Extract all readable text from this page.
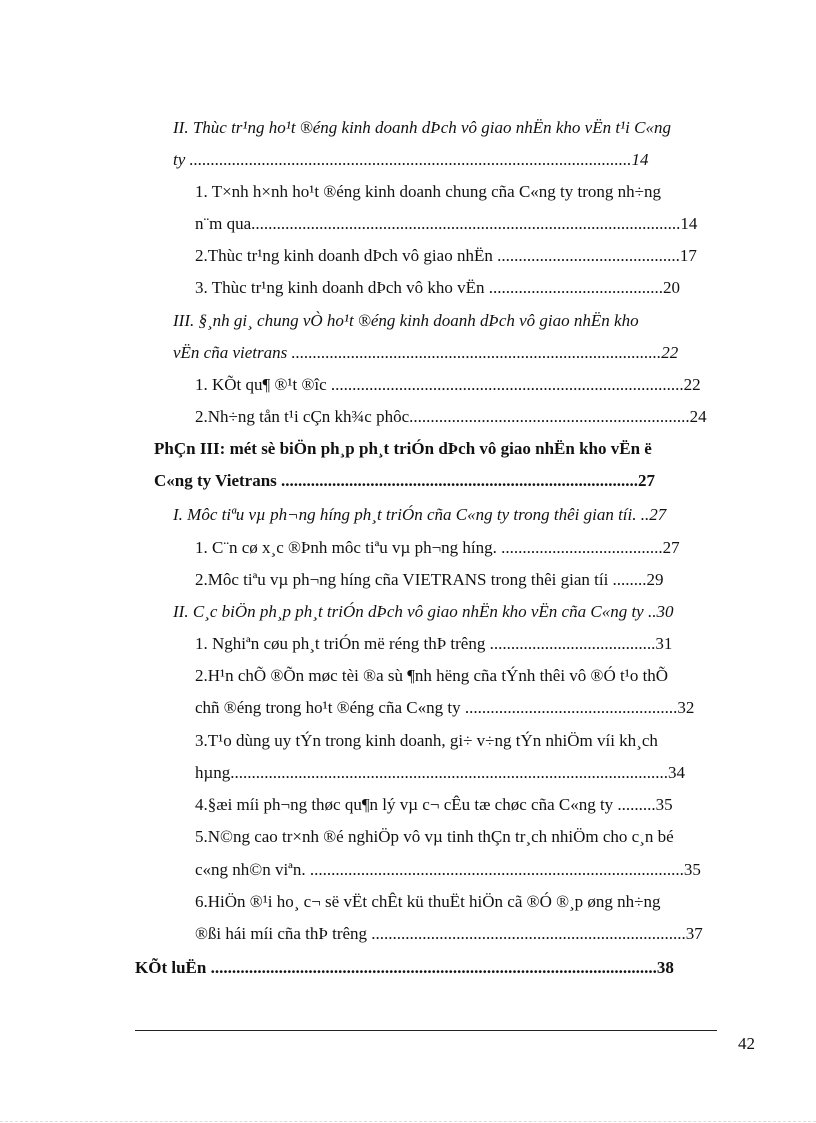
II. Thùc tr¹ng ho¹t ®éng kinh doanh dÞch vô giao nhËn kho vËn t¹i C«ng
ty ........................................................................................................14
1. T×nh h×nh ho¹t ®éng kinh doanh chung cña C«ng ty trong nh÷ng
n¨m qua.....................................................................................................14
2.Thùc tr¹ng kinh doanh dÞch vô giao nhËn ...........................................17
3. Thùc tr¹ng kinh doanh dÞch vô kho vËn .........................................20
III. §¸nh gi¸ chung vÒ ho¹t ®éng kinh doanh dÞch vô giao nhËn kho
vËn cña vietrans .......................................................................................22
1. KÕt qu¶ ®¹t ®îc ...................................................................................22
2.Nh÷ng tån t¹i cÇn kh¾c phôc..................................................................24
PhÇn III: mét sè biÖn ph¸p ph¸t triÓn dÞch vô giao nhËn kho vËn ë
C«ng ty Vietrans ....................................................................................27
I. Môc tiªu vµ ph¬ng híng ph¸t triÓn cña C«ng ty trong thêi gian tíi. ..27
1. C¨n cø x¸c ®Þnh môc tiªu vµ ph¬ng híng. ......................................27
2.Môc tiªu vµ ph¬ng híng cña VIETRANS trong thêi gian tíi ........29
II. C¸c biÖn ph¸p ph¸t triÓn dÞch vô giao nhËn kho vËn cña C«ng ty ..30
1. Nghiªn cøu ph¸t triÓn më réng thÞ trêng .......................................31
2.H¹n chÕ ®Õn møc tèi ®a sù ¶nh hëng cña tÝnh thêi vô ®Ó t¹o thÕ
chñ ®éng trong ho¹t ®éng cña C«ng ty ..................................................32
3.T¹o dùng uy tÝn trong kinh doanh, gi÷ v÷ng tÝn nhiÖm víi kh¸ch
hµng.......................................................................................................34
4.§æi míi ph¬ng thøc qu¶n lý vµ c¬ cÊu tæ chøc cña C«ng ty .........35
5.N©ng cao tr×nh ®é nghiÖp vô vµ tinh thÇn tr¸ch nhiÖm cho c¸n bé
c«ng nh©n viªn. ........................................................................................35
6.HiÖn ®¹i ho¸ c¬ së vËt chÊt kü thuËt hiÖn cã ®Ó ®¸p øng nh÷ng
®ßi hái míi cña thÞ trêng ..........................................................................37
KÕt luËn .........................................................................................................38
42
